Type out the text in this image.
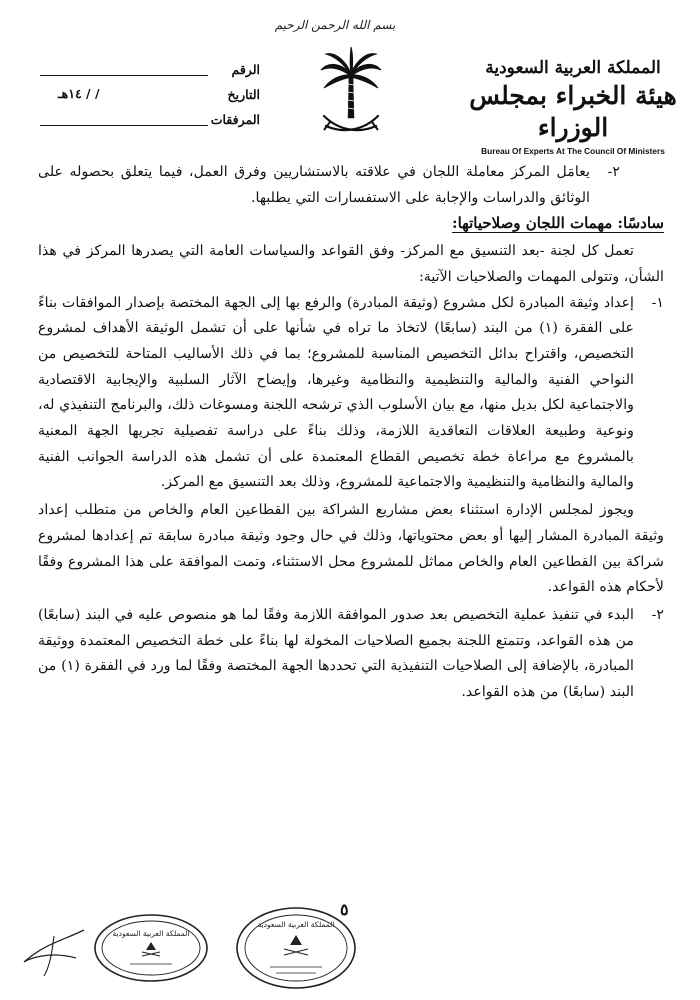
بسم الله الرحمن الرحيم
الرقم
التاريخ
/ / ١٤هـ
المرفقات
المملكة العربية السعودية
هيئة الخبراء بمجلس الوزراء
Bureau Of Experts At The Council Of Ministers
٢-
يعامَل المركز معاملة اللجان في علاقته بالاستشاريين وفرق العمل، فيما يتعلق بحصوله على الوثائق والدراسات والإجابة على الاستفسارات التي يطلبها.

سادسًا: مهمات اللجان وصلاحياتها:

تعمل كل لجنة -بعد التنسيق مع المركز- وفق القواعد والسياسات العامة التي يصدرها المركز في هذا الشأن، وتتولى المهمات والصلاحيات الآتية:

١-
إعداد وثيقة المبادرة لكل مشروع (وثيقة المبادرة) والرفع بها إلى الجهة المختصة بإصدار الموافقات بناءً على الفقرة (١) من البند (سابعًا) لاتخاذ ما تراه في شأنها على أن تشمل الوثيقة الأهداف لمشروع التخصيص، واقتراح بدائل التخصيص المناسبة للمشروع؛ بما في ذلك الأساليب المتاحة للتخصيص من النواحي الفنية والمالية والتنظيمية والنظامية وغيرها، وإيضاح الآثار السلبية والإيجابية الاقتصادية والاجتماعية لكل بديل منها، مع بيان الأسلوب الذي ترشحه اللجنة ومسوغات ذلك، والبرنامج التنفيذي له، ونوعية وطبيعة العلاقات التعاقدية اللازمة، وذلك بناءً على دراسة تفصيلية تجريها الجهة المعنية بالمشروع مع مراعاة خطة تخصيص القطاع المعتمدة على أن تشمل هذه الدراسة الجوانب الفنية والمالية والنظامية والتنظيمية والاجتماعية للمشروع، وذلك بعد التنسيق مع المركز.

ويجوز لمجلس الإدارة استثناء بعض مشاريع الشراكة بين القطاعين العام والخاص من متطلب إعداد وثيقة المبادرة المشار إليها أو بعض محتوياتها، وذلك في حال وجود وثيقة مبادرة سابقة تم إعدادها لمشروع شراكة بين القطاعين العام والخاص مماثل للمشروع محل الاستثناء، وتمت الموافقة على هذا المشروع وفقًا لأحكام هذه القواعد.

٢-
البدء في تنفيذ عملية التخصيص بعد صدور الموافقة اللازمة وفقًا لما هو منصوص عليه في البند (سابعًا) من هذه القواعد، وتتمتع اللجنة بجميع الصلاحيات المخولة لها بناءً على خطة التخصيص المعتمدة ووثيقة المبادرة، بالإضافة إلى الصلاحيات التنفيذية التي تحددها الجهة المختصة وفقًا لما ورد في الفقرة (١) من البند (سابعًا) من هذه القواعد.
٥
المملكة العربية السعودية
المملكة العربية السعودية
